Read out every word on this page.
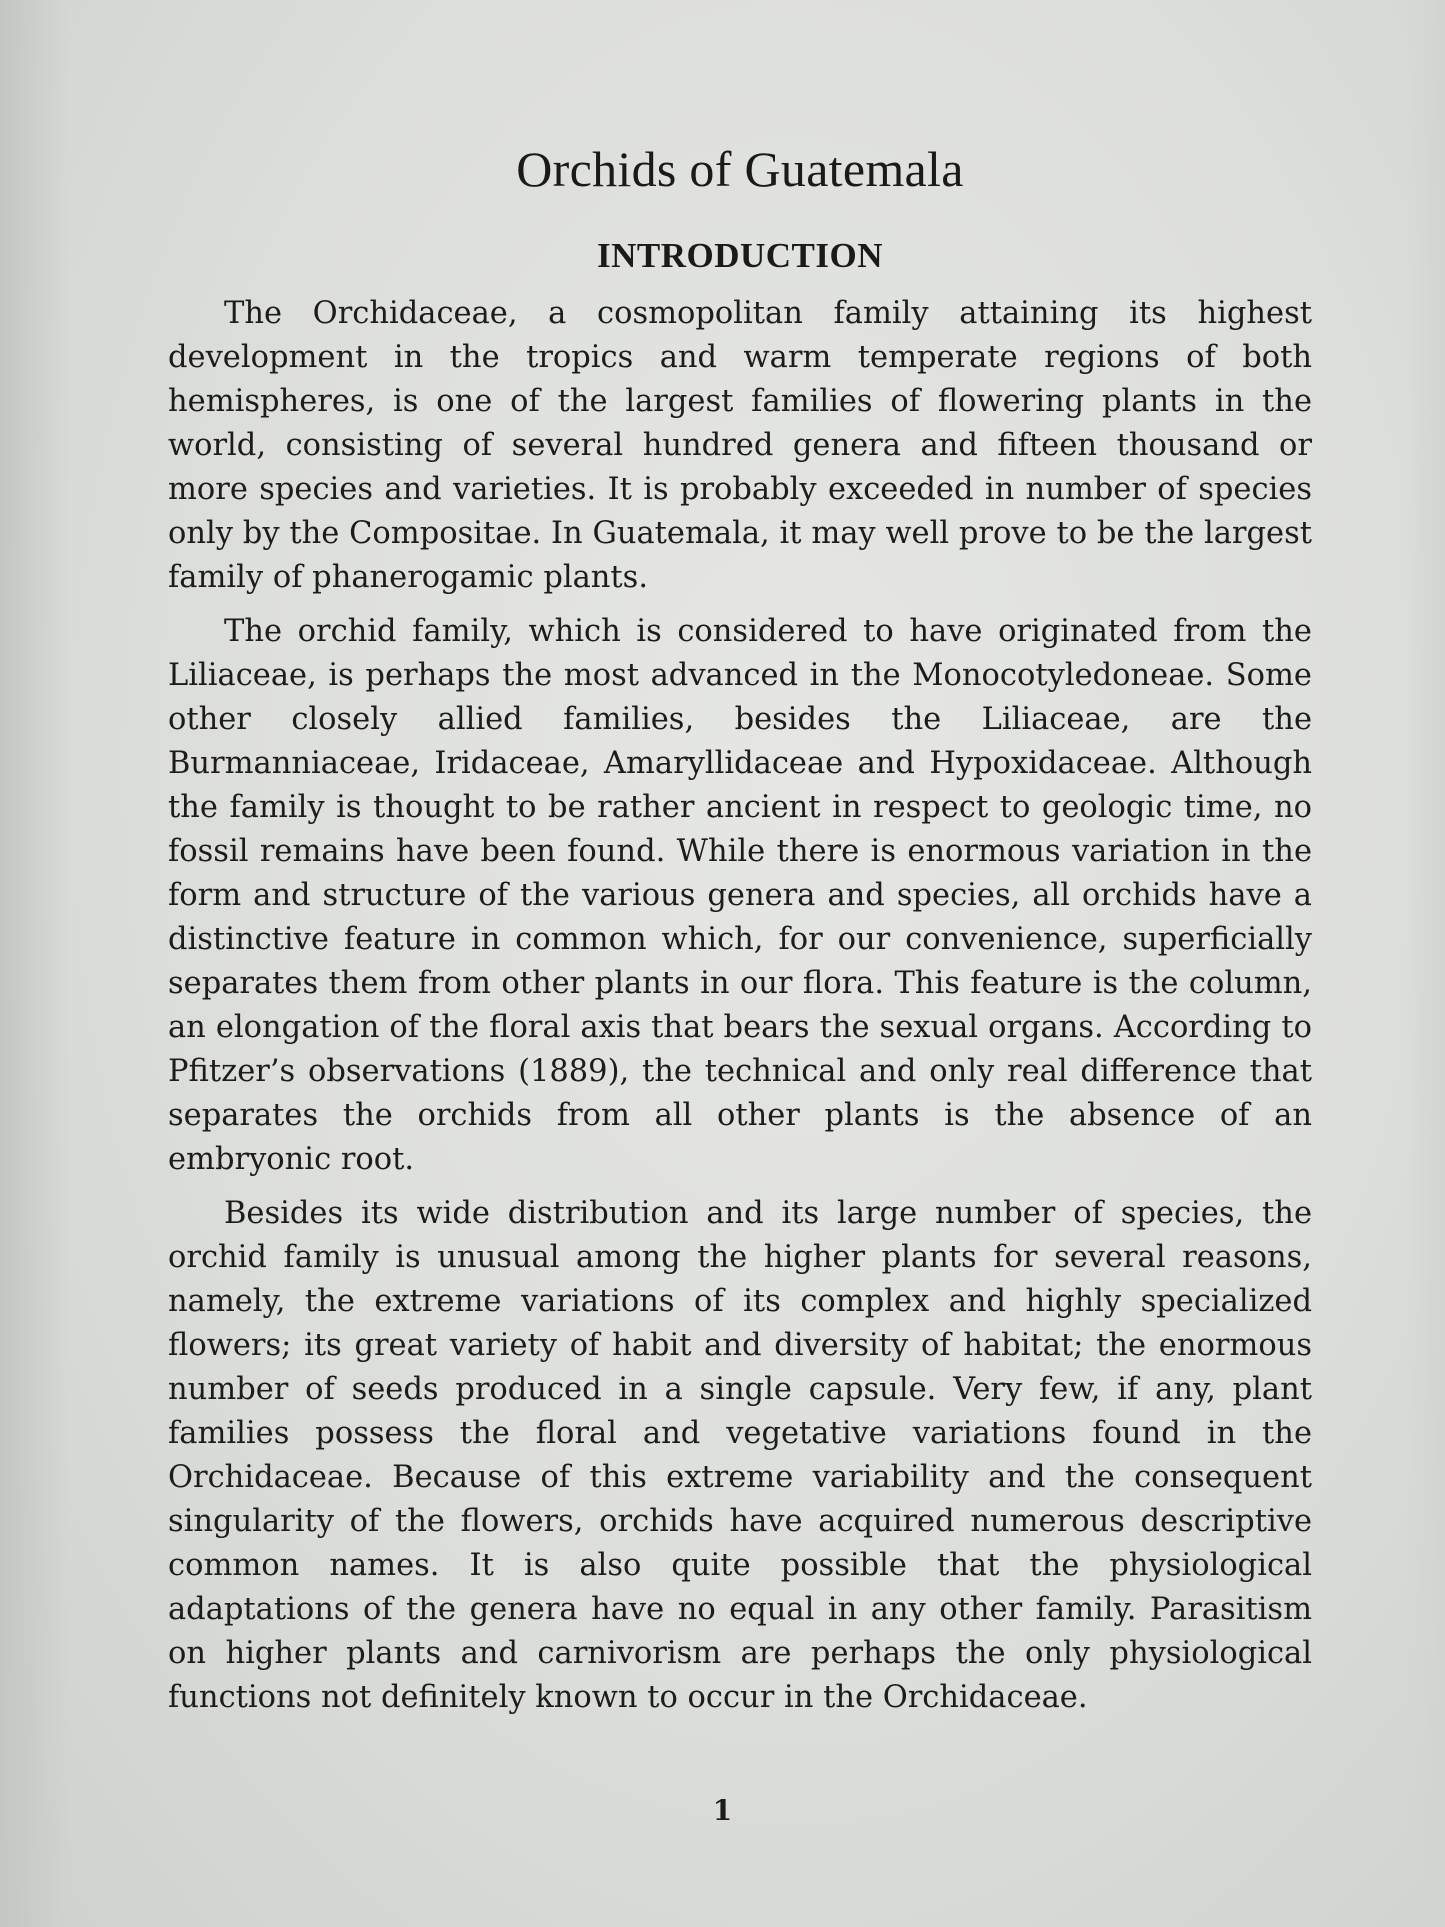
Orchids of Guatemala
INTRODUCTION

The Orchidaceae, a cosmopolitan family attaining its highest development in the tropics and warm temperate regions of both hemispheres, is one of the largest families of flowering plants in the world, consisting of several hundred genera and fifteen thousand or more species and varieties. It is probably exceeded in number of species only by the Compositae. In Guatemala, it may well prove to be the largest family of phanerogamic plants.

The orchid family, which is considered to have originated from the Liliaceae, is perhaps the most advanced in the Monocotyledoneae. Some other closely allied families, besides the Liliaceae, are the Burmanniaceae, Iridaceae, Amaryllidaceae and Hypoxidaceae. Although the family is thought to be rather ancient in respect to geologic time, no fossil remains have been found. While there is enormous variation in the form and structure of the various genera and species, all orchids have a distinctive feature in common which, for our convenience, superficially separates them from other plants in our flora. This feature is the column, an elongation of the floral axis that bears the sexual organs. According to Pfitzer’s observations (1889), the technical and only real difference that separates the orchids from all other plants is the absence of an embryonic root.

Besides its wide distribution and its large number of species, the orchid family is unusual among the higher plants for several reasons, namely, the extreme variations of its complex and highly specialized flowers; its great variety of habit and diversity of habitat; the enormous number of seeds produced in a single capsule. Very few, if any, plant families possess the floral and vegetative variations found in the Orchidaceae. Because of this extreme variability and the consequent singularity of the flowers, orchids have acquired numerous descriptive common names. It is also quite possible that the physiological adaptations of the genera have no equal in any other family. Parasitism on higher plants and carnivorism are perhaps the only physiological functions not definitely known to occur in the Orchidaceae.

1
